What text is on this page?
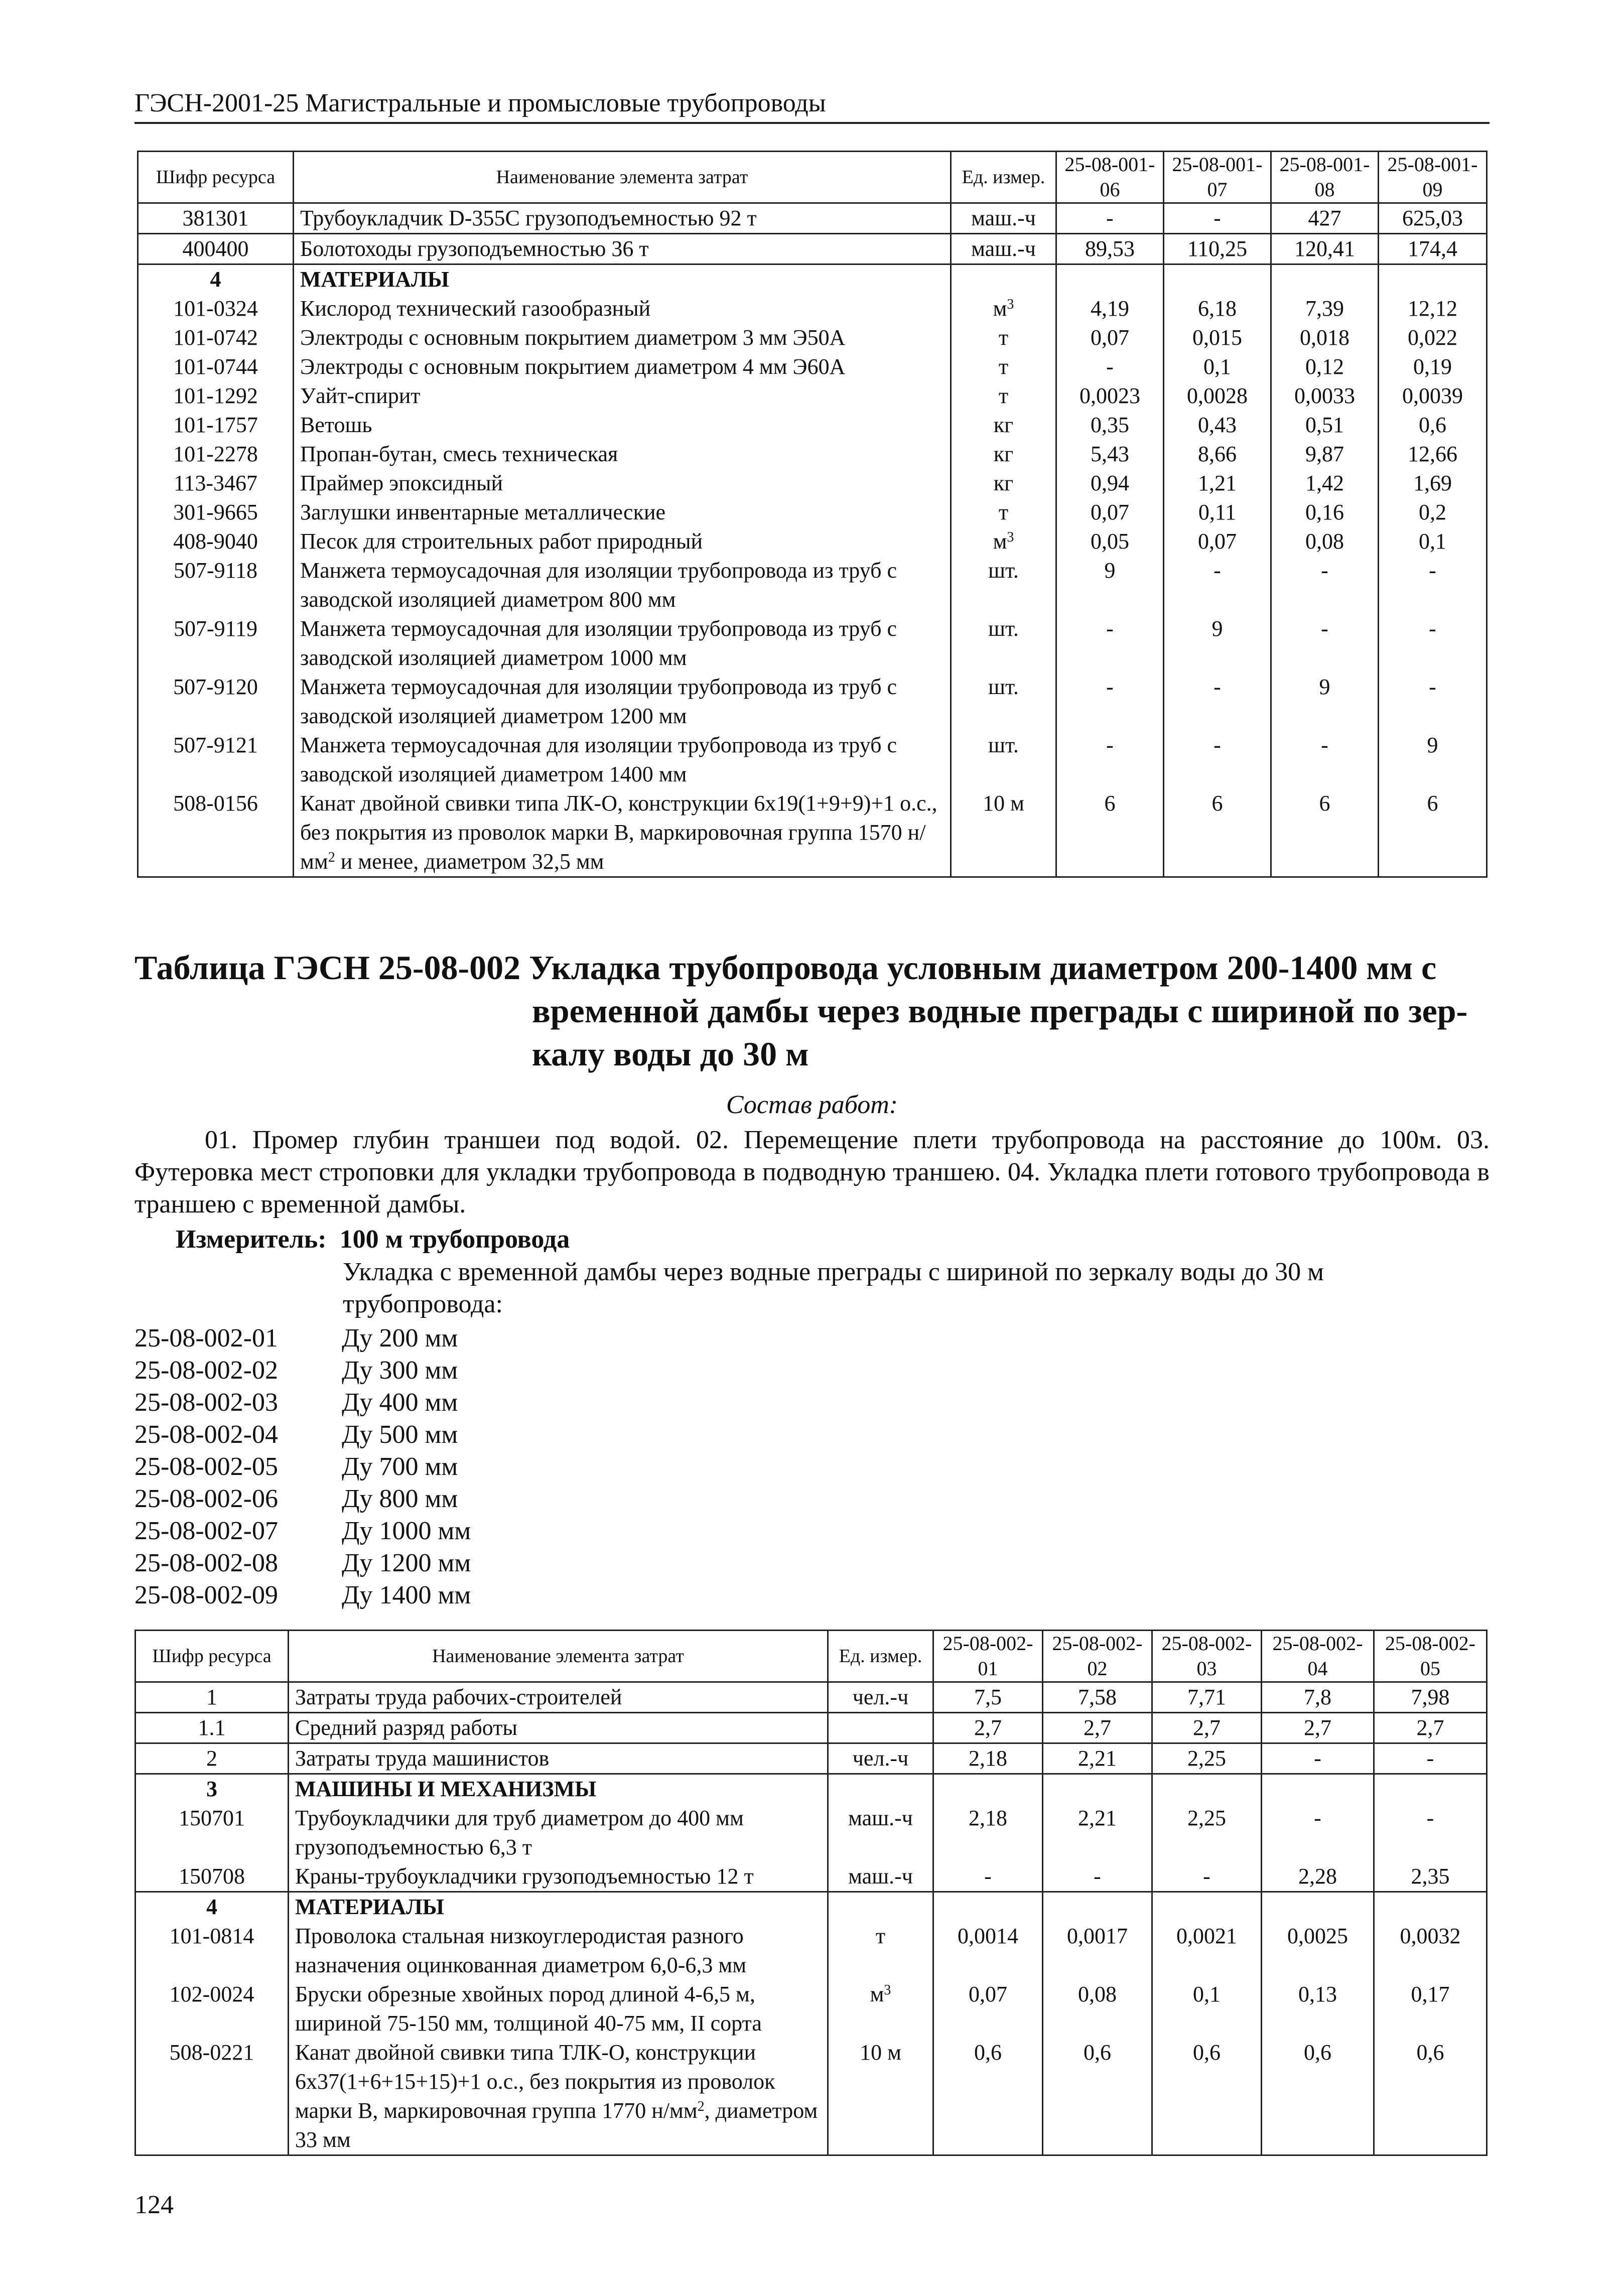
ГЭСН-2001-25 Магистральные и промысловые трубопроводы
Шифр ресурса	Наименование элемента затрат	Ед. измер.	25-08-001-06	25-08-001-07	25-08-001-08	25-08-001-09
381301	Трубоукладчик D-355C грузоподъемностью 92 т	маш.-ч	-	-	427	625,03
400400	Болотоходы грузоподъемностью 36 т	маш.-ч	89,53	110,25	120,41	174,4
4	МАТЕРИАЛЫ					
101-0324	Кислород технический газообразный	$м^3$	4,19	6,18	7,39	12,12
101-0742	Электроды с основным покрытием диаметром 3 мм Э50А	т	0,07	0,015	0,018	0,022
101-0744	Электроды с основным покрытием диаметром 4 мм Э60А	т	-	0,1	0,12	0,19
101-1292	Уайт-спирит	т	0,0023	0,0028	0,0033	0,0039
101-1757	Ветошь	кг	0,35	0,43	0,51	0,6
101-2278	Пропан-бутан, смесь техническая	кг	5,43	8,66	9,87	12,66
113-3467	Праймер эпоксидный	кг	0,94	1,21	1,42	1,69
301-9665	Заглушки инвентарные металлические	т	0,07	0,11	0,16	0,2
408-9040	Песок для строительных работ природный	$м^3$	0,05	0,07	0,08	0,1
507-9118	Манжета термоусадочная для изоляции трубопровода из труб с заводской изоляцией диаметром 800 мм	шт.	9	-	-	-
507-9119	Манжета термоусадочная для изоляции трубопровода из труб с заводской изоляцией диаметром 1000 мм	шт.	-	9	-	-
507-9120	Манжета термоусадочная для изоляции трубопровода из труб с заводской изоляцией диаметром 1200 мм	шт.	-	-	9	-
507-9121	Манжета термоусадочная для изоляции трубопровода из труб с заводской изоляцией диаметром 1400 мм	шт.	-	-	-	9
508-0156	Канат двойной свивки типа ЛК-О, конструкции 6х19(1+9+9)+1 о.с., без покрытия из проволок марки В, маркировочная группа 1570 $н/мм^2$ и менее, диаметром 32,5 мм	10 м	6	6	6	6
Таблица ГЭСН 25-08-002 Укладка трубопровода условным диаметром 200-1400 мм с
временной дамбы через водные преграды с шириной по зер-
калу воды до 30 м
Состав работ:
01. Промер глубин траншеи под водой. 02. Перемещение плети трубопровода на расстояние до 100м. 03. Футеровка мест строповки для укладки трубопровода в подводную траншею. 04. Укладка плети готового трубопровода в траншею с временной дамбы.
Измеритель: 100 м трубопровода
Укладка с временной дамбы через водные преграды с шириной по зеркалу воды до 30 м трубопровода:
25-08-002-01	Ду 200 мм
25-08-002-02	Ду 300 мм
25-08-002-03	Ду 400 мм
25-08-002-04	Ду 500 мм
25-08-002-05	Ду 700 мм
25-08-002-06	Ду 800 мм
25-08-002-07	Ду 1000 мм
25-08-002-08	Ду 1200 мм
25-08-002-09	Ду 1400 мм
Шифр ресурса	Наименование элемента затрат	Ед. измер.	25-08-002-01	25-08-002-02	25-08-002-03	25-08-002-04	25-08-002-05
1	Затраты труда рабочих-строителей	чел.-ч	7,5	7,58	7,71	7,8	7,98
1.1	Средний разряд работы		2,7	2,7	2,7	2,7	2,7
2	Затраты труда машинистов	чел.-ч	2,18	2,21	2,25	-	-
3	МАШИНЫ И МЕХАНИЗМЫ						
150701	Трубоукладчики для труб диаметром до 400 мм грузоподъемностью 6,3 т	маш.-ч	2,18	2,21	2,25	-	-
150708	Краны-трубоукладчики грузоподъемностью 12 т	маш.-ч	-	-	-	2,28	2,35
4	МАТЕРИАЛЫ						
101-0814	Проволока стальная низкоуглеродистая разного назначения оцинкованная диаметром 6,0-6,3 мм	т	0,0014	0,0017	0,0021	0,0025	0,0032
102-0024	Бруски обрезные хвойных пород длиной 4-6,5 м, шириной 75-150 мм, толщиной 40-75 мм, II сорта	$м^3$	0,07	0,08	0,1	0,13	0,17
508-0221	Канат двойной свивки типа ТЛК-О, конструкции 6х37(1+6+15+15)+1 о.с., без покрытия из проволок марки В, маркировочная группа 1770 $н/мм^2$, диаметром 33 мм	10 м	0,6	0,6	0,6	0,6	0,6
124
